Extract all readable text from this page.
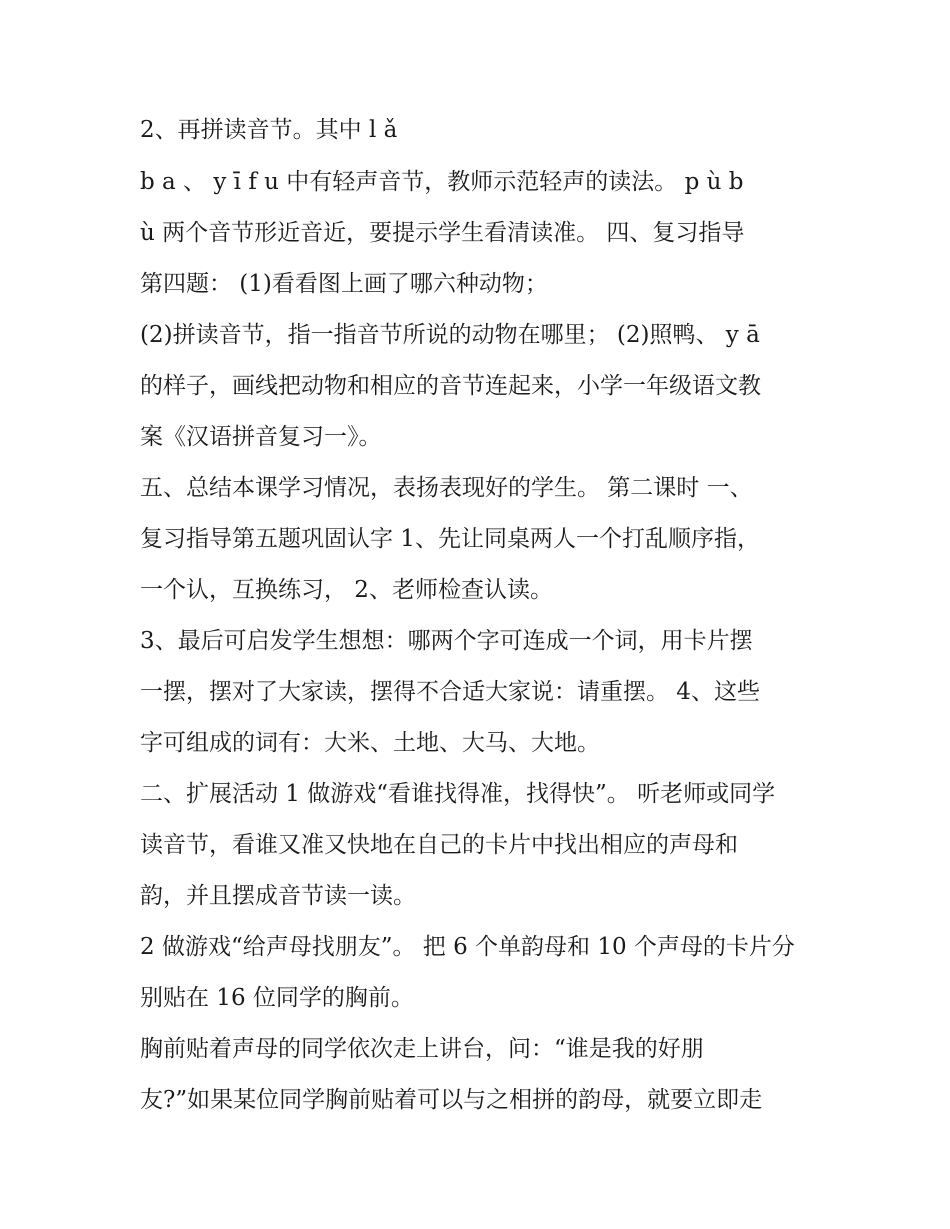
2、再拼读音节。其中 l ǎ
b a 、 y ī f u 中有轻声音节，教师示范轻声的读法。 p ù b
ù 两个音节形近音近，要提示学生看清读准。 四、复习指导
第四题： (1)看看图上画了哪六种动物；
(2)拼读音节，指一指音节所说的动物在哪里； (2)照鸭、 y ā
的样子，画线把动物和相应的音节连起来，小学一年级语文教
案《汉语拼音复习一》。
五、总结本课学习情况，表扬表现好的学生。 第二课时 一、
复习指导第五题巩固认字 1、先让同桌两人一个打乱顺序指，
一个认，互换练习， 2、老师检查认读。
3、最后可启发学生想想：哪两个字可连成一个词，用卡片摆
一摆，摆对了大家读，摆得不合适大家说：请重摆。 4、这些
字可组成的词有：大米、土地、大马、大地。
二、扩展活动 1 做游戏“看谁找得准，找得快”。 听老师或同学
读音节，看谁又准又快地在自己的卡片中找出相应的声母和
韵，并且摆成音节读一读。
2 做游戏“给声母找朋友”。 把 6 个单韵母和 10 个声母的卡片分
别贴在 16 位同学的胸前。
胸前贴着声母的同学依次走上讲台，问：“谁是我的好朋
友?”如果某位同学胸前贴着可以与之相拼的韵母，就要立即走
